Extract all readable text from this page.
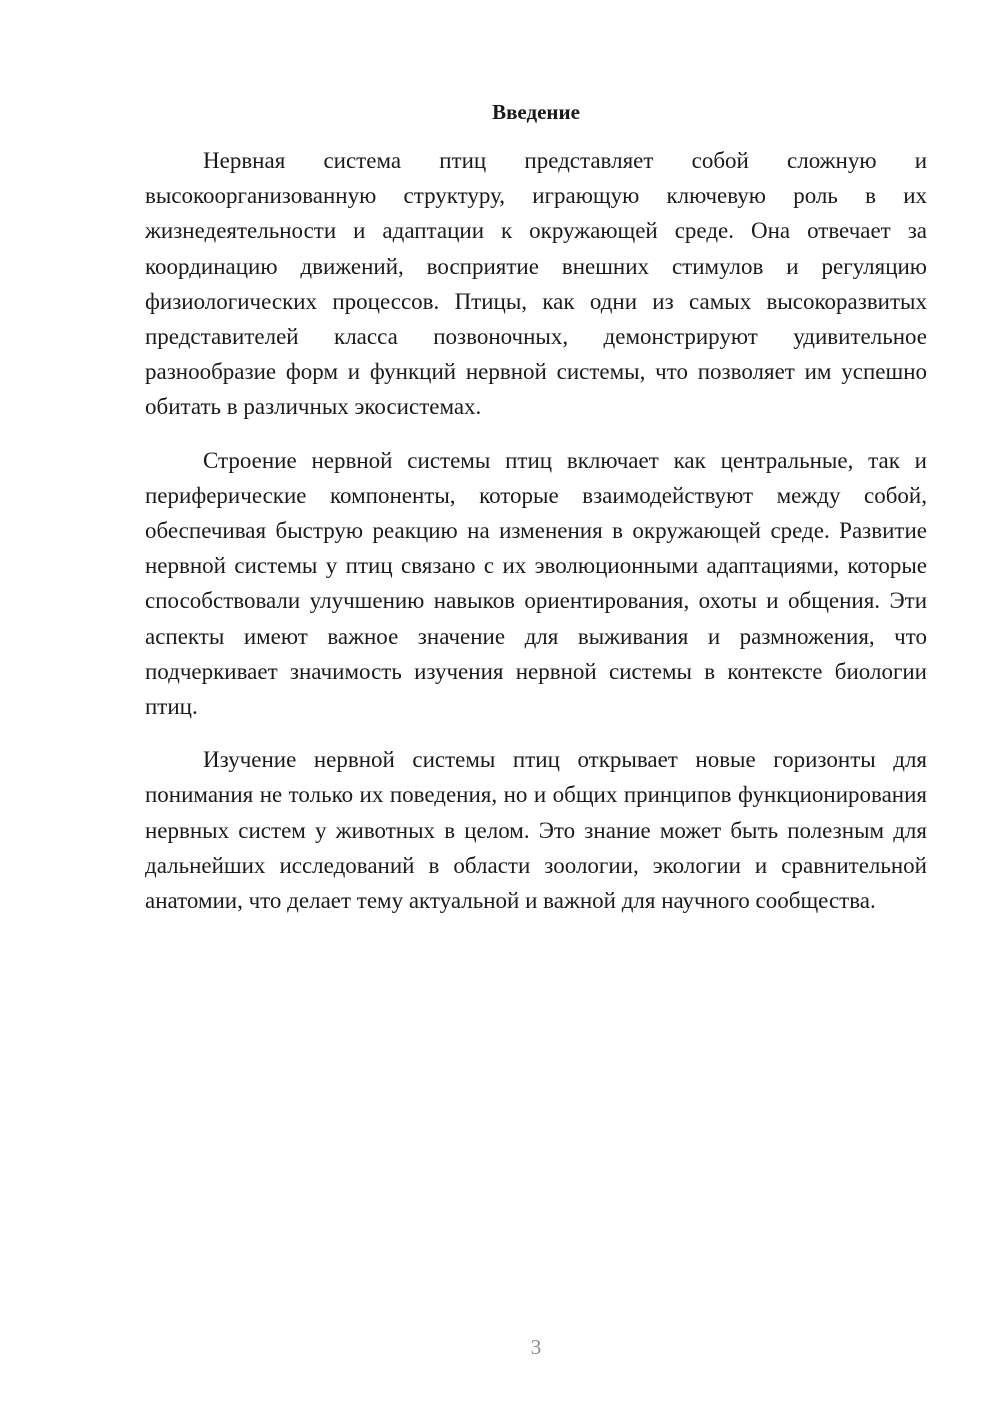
Введение

Нервная система птиц представляет собой сложную и высокоорганизованную структуру, играющую ключевую роль в их жизнедеятельности и адаптации к окружающей среде. Она отвечает за координацию движений, восприятие внешних стимулов и регуляцию физиологических процессов. Птицы, как одни из самых высокоразвитых представителей класса позвоночных, демонстрируют удивительное разнообразие форм и функций нервной системы, что позволяет им успешно обитать в различных экосистемах.

Строение нервной системы птиц включает как центральные, так и периферические компоненты, которые взаимодействуют между собой, обеспечивая быструю реакцию на изменения в окружающей среде. Развитие нервной системы у птиц связано с их эволюционными адаптациями, которые способствовали улучшению навыков ориентирования, охоты и общения. Эти аспекты имеют важное значение для выживания и размножения, что подчеркивает значимость изучения нервной системы в контексте биологии птиц.

Изучение нервной системы птиц открывает новые горизонты для понимания не только их поведения, но и общих принципов функционирования нервных систем у животных в целом. Это знание может быть полезным для дальнейших исследований в области зоологии, экологии и сравнительной анатомии, что делает тему актуальной и важной для научного сообщества.

3
